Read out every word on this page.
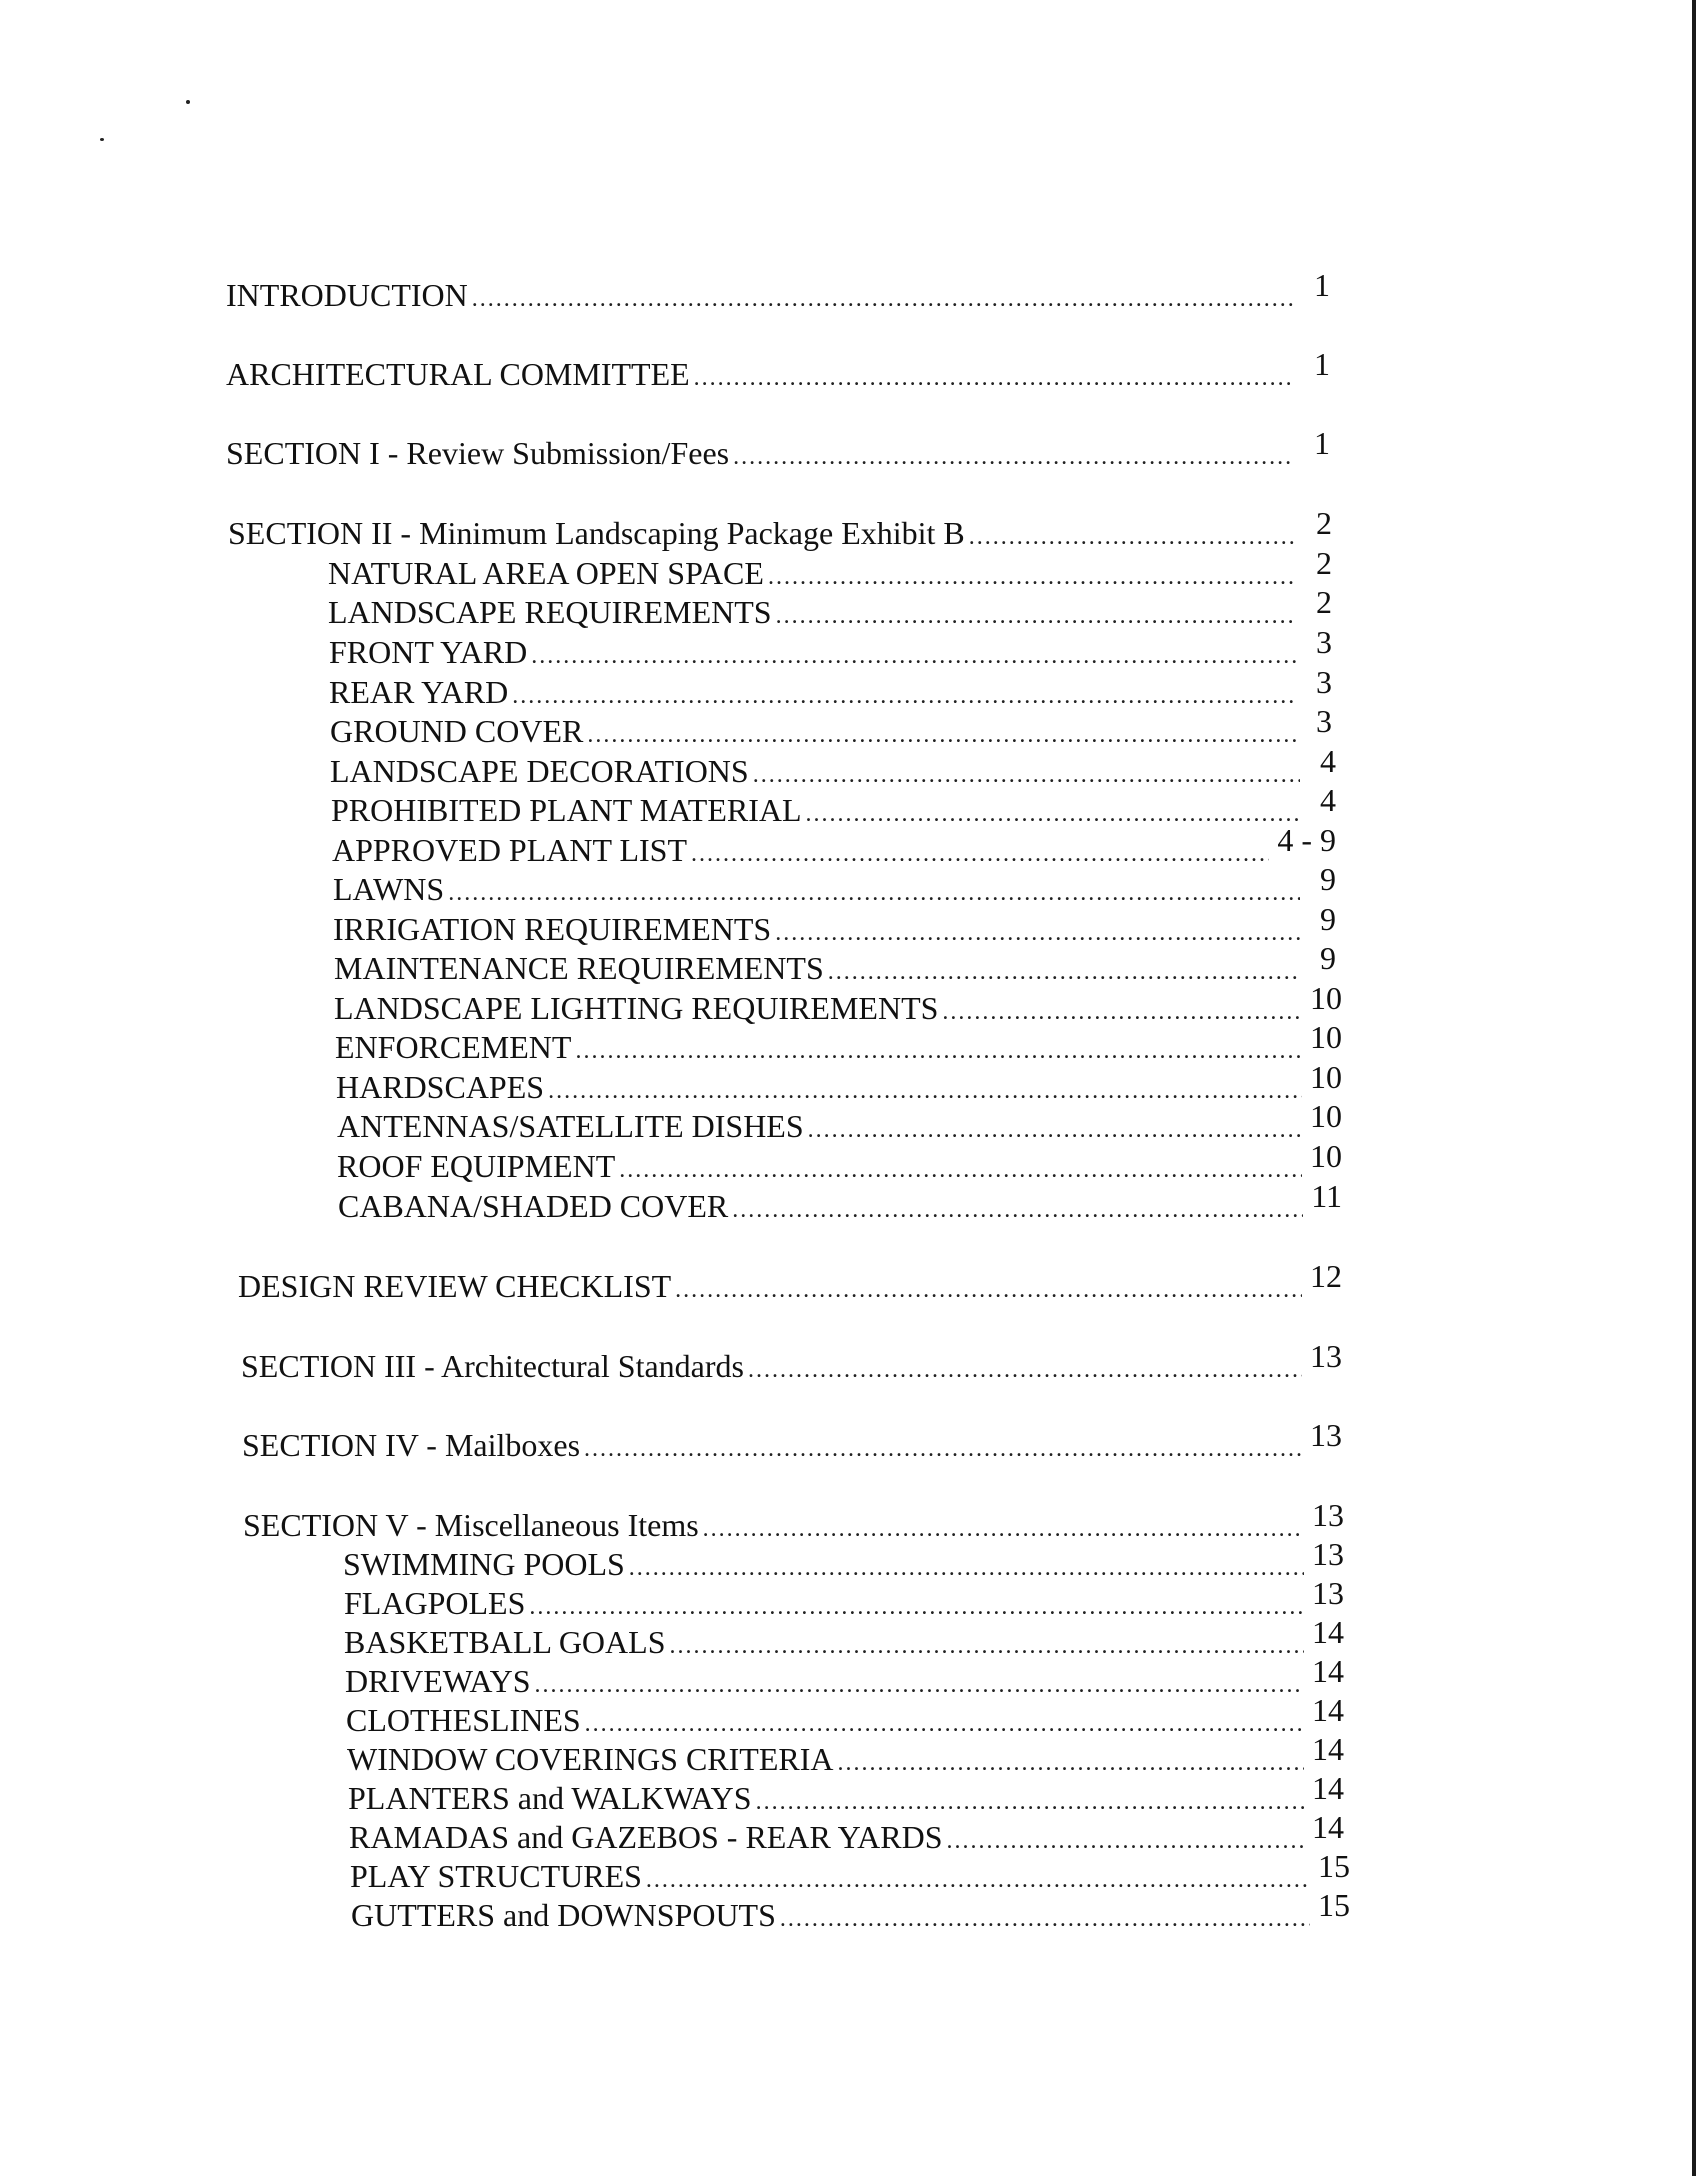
INTRODUCTION .....	1
ARCHITECTURAL COMMITTEE .....	1
SECTION I - Review Submission/Fees .....	1
SECTION II - Minimum Landscaping Package Exhibit B .....	2
NATURAL AREA OPEN SPACE .....	2
LANDSCAPE REQUIREMENTS .....	2
FRONT YARD .....	3
REAR YARD .....	3
GROUND COVER .....	3
LANDSCAPE DECORATIONS .....	4
PROHIBITED PLANT MATERIAL .....	4
APPROVED PLANT LIST .....	4 - 9
LAWNS .....	9
IRRIGATION REQUIREMENTS .....	9
MAINTENANCE REQUIREMENTS .....	9
LANDSCAPE LIGHTING REQUIREMENTS .....	10
ENFORCEMENT .....	10
HARDSCAPES .....	10
ANTENNAS/SATELLITE DISHES .....	10
ROOF EQUIPMENT .....	10
CABANA/SHADED COVER .....	11
DESIGN REVIEW CHECKLIST .....	12
SECTION III - Architectural Standards .....	13
SECTION IV - Mailboxes .....	13
SECTION V - Miscellaneous Items .....	13
SWIMMING POOLS .....	13
FLAGPOLES .....	13
BASKETBALL GOALS .....	14
DRIVEWAYS .....	14
CLOTHESLINES .....	14
WINDOW COVERINGS CRITERIA .....	14
PLANTERS and WALKWAYS .....	14
RAMADAS and GAZEBOS - REAR YARDS .....	14
PLAY STRUCTURES .....	15
GUTTERS and DOWNSPOUTS .....	15
